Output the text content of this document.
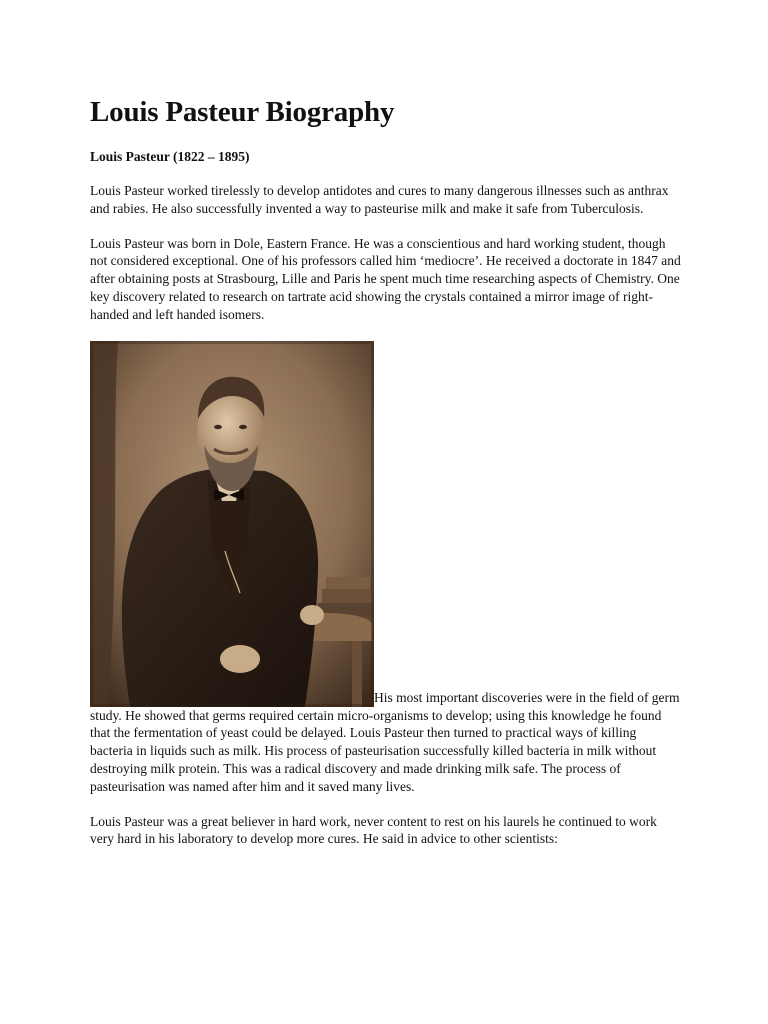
Louis Pasteur Biography
Louis Pasteur (1822 – 1895)

Louis Pasteur worked tirelessly to develop antidotes and cures to many dangerous illnesses such as anthrax and rabies. He also successfully invented a way to pasteurise milk and make it safe from Tuberculosis.

Louis Pasteur was born in Dole, Eastern France. He was a conscientious and hard working student, though not considered exceptional. One of his professors called him ‘mediocre’. He received a doctorate in 1847 and after obtaining posts at Strasbourg, Lille and Paris he spent much time researching aspects of Chemistry. One key discovery related to research on tartrate acid showing the crystals contained a mirror image of right-handed and left handed isomers.

His most important discoveries were in the field of germ study. He showed that germs required certain micro-organisms to develop; using this knowledge he found that the fermentation of yeast could be delayed. Louis Pasteur then turned to practical ways of killing bacteria in liquids such as milk. His process of pasteurisation successfully killed bacteria in milk without destroying milk protein. This was a radical discovery and made drinking milk safe. The process of pasteurisation was named after him and it saved many lives.

Louis Pasteur was a great believer in hard work, never content to rest on his laurels he continued to work very hard in his laboratory to develop more cures. He said in advice to other scientists:
